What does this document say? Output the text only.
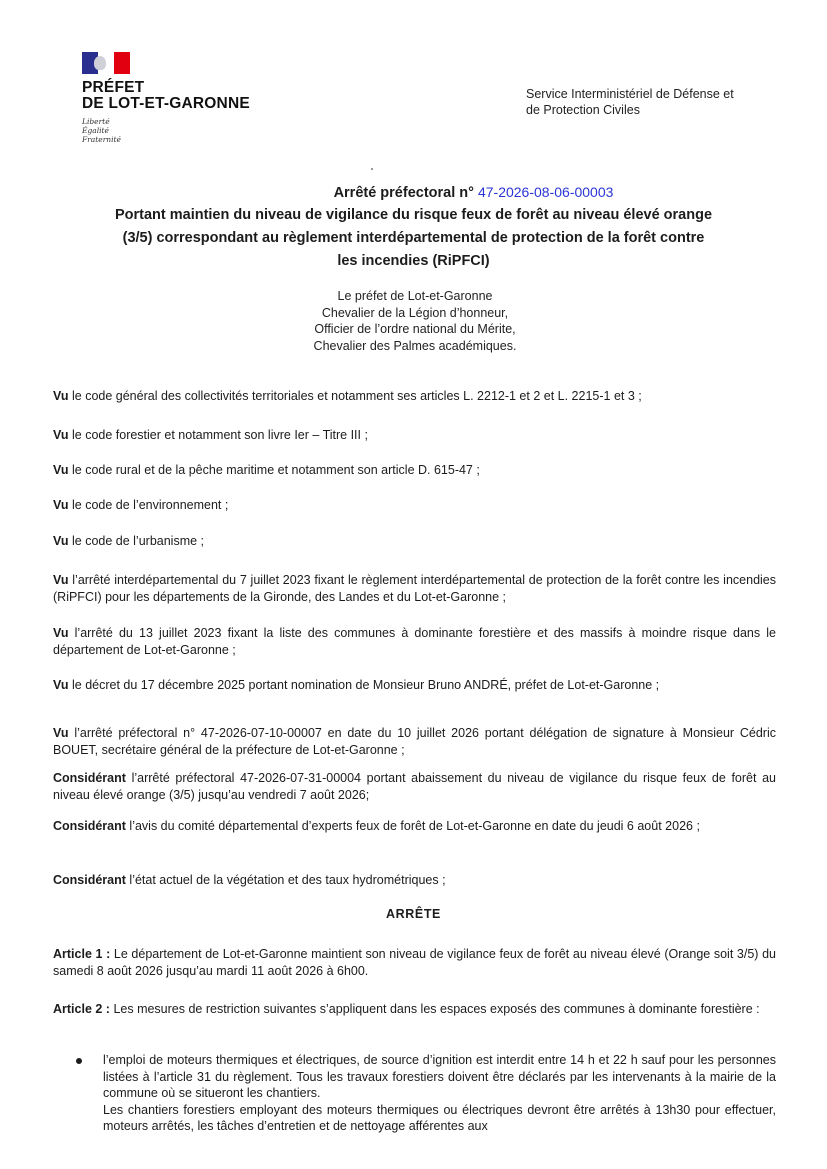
PRÉFET
DE LOT-ET-GARONNE
Liberté
Égalité
Fraternité
Service Interministériel de Défense et
de Protection Civiles
Arrêté préfectoral n° 47-2026-08-06-00003
Portant maintien du niveau de vigilance du risque feux de forêt au niveau élevé orange
(3/5) correspondant au règlement interdépartemental de protection de la forêt contre
les incendies (RiPFCI)
Le préfet de Lot-et-Garonne
Chevalier de la Légion d’honneur,
Officier de l’ordre national du Mérite,
Chevalier des Palmes académiques.
Vu le code général des collectivités territoriales et notamment ses articles L. 2212-1 et 2 et L. 2215-1 et 3 ;
Vu le code forestier et notamment son livre Ier – Titre III ;
Vu le code rural et de la pêche maritime et notamment son article D. 615-47 ;
Vu le code de l’environnement ;
Vu le code de l’urbanisme ;
Vu l’arrêté interdépartemental du 7 juillet 2023 fixant le règlement interdépartemental de protection de la forêt contre les incendies (RiPFCI) pour les départements de la Gironde, des Landes et du Lot-et-Garonne ;
Vu l’arrêté du 13 juillet 2023 fixant la liste des communes à dominante forestière et des massifs à moindre risque dans le département de Lot-et-Garonne ;
Vu le décret du 17 décembre 2025 portant nomination de Monsieur Bruno ANDRÉ, préfet de Lot-et-Garonne ;
Vu l’arrêté préfectoral n° 47-2026-07-10-00007 en date du 10 juillet 2026 portant délégation de signature à Monsieur Cédric BOUET, secrétaire général de la préfecture de Lot-et-Garonne ;
Considérant l’arrêté préfectoral 47-2026-07-31-00004 portant abaissement du niveau de vigilance du risque feux de forêt au niveau élevé orange (3/5) jusqu’au vendredi 7 août 2026;
Considérant l’avis du comité départemental d’experts feux de forêt de Lot-et-Garonne en date du jeudi 6 août 2026 ;
Considérant l’état actuel de la végétation et des taux hydrométriques ;
ARRÊTE
Article 1 : Le département de Lot-et-Garonne maintient son niveau de vigilance feux de forêt au niveau élevé (Orange soit 3/5) du samedi 8 août 2026 jusqu’au mardi 11 août 2026 à 6h00.
Article 2 : Les mesures de restriction suivantes s’appliquent dans les espaces exposés des communes à dominante forestière :
l’emploi de moteurs thermiques et électriques, de source d’ignition est interdit entre 14 h et 22 h sauf pour les personnes listées à l’article 31 du règlement. Tous les travaux forestiers doivent être déclarés par les intervenants à la mairie de la commune où se situeront les chantiers.
Les chantiers forestiers employant des moteurs thermiques ou électriques devront être arrêtés à 13h30 pour effectuer, moteurs arrêtés, les tâches d’entretien et de nettoyage afférentes aux
